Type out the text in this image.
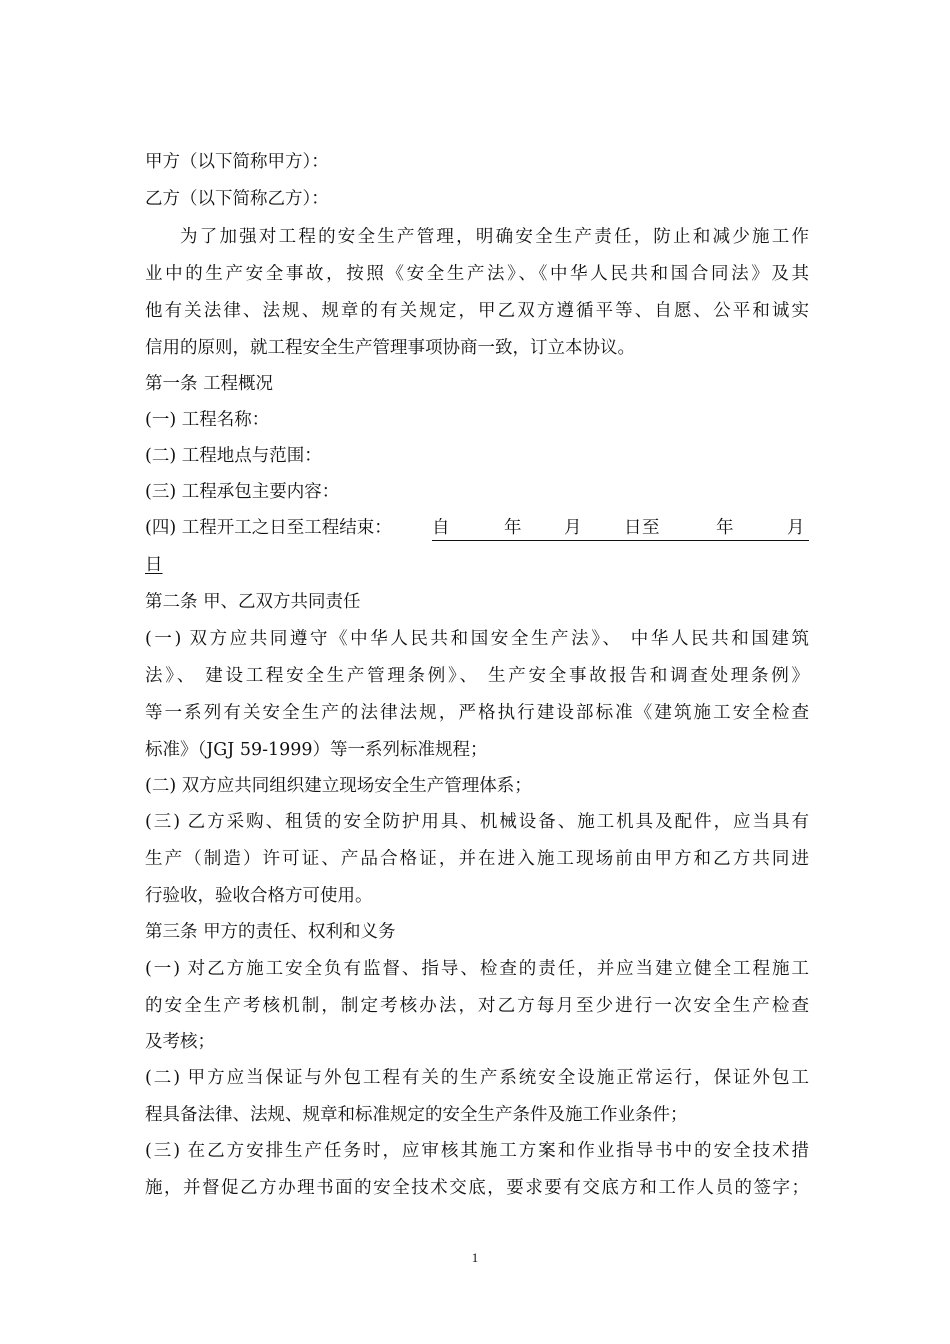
甲方（以下简称甲方）：
乙方（以下简称乙方）：
为了加强对工程的安全生产管理，明确安全生产责任，防止和减少施工作
业中的生产安全事故，按照《安全生产法》、《中华人民共和国合同法》及其
他有关法律、法规、规章的有关规定，甲乙双方遵循平等、自愿、公平和诚实
信用的原则，就工程安全生产管理事项协商一致，订立本协议。
第一条 工程概况
(一) 工程名称：
(二) 工程地点与范围：
(三) 工程承包主要内容：
(四) 工程开工之日至工程结束： 自	年 月 日 至	年	月
日
第二条 甲、乙双方共同责任
(一) 双方应共同遵守《中华人民共和国安全生产法》、 中华人民共和国建筑
法》、 建设工程安全生产管理条例》、 生产安全事故报告和调查处理条例》
等一系列有关安全生产的法律法规，严格执行建设部标准《建筑施工安全检查
标准》（JGJ 59-1999）等一系列标准规程；
(二) 双方应共同组织建立现场安全生产管理体系；
(三) 乙方采购、租赁的安全防护用具、机械设备、施工机具及配件，应当具有
生产（制造）许可证、产品合格证，并在进入施工现场前由甲方和乙方共同进
行验收，验收合格方可使用。
第三条 甲方的责任、权利和义务
(一) 对乙方施工安全负有监督、指导、检查的责任，并应当建立健全工程施工
的安全生产考核机制，制定考核办法，对乙方每月至少进行一次安全生产检查
及考核；
(二) 甲方应当保证与外包工程有关的生产系统安全设施正常运行，保证外包工
程具备法律、法规、规章和标准规定的安全生产条件及施工作业条件；
(三) 在乙方安排生产任务时，应审核其施工方案和作业指导书中的安全技术措
施，并督促乙方办理书面的安全技术交底，要求要有交底方和工作人员的签字；
1
